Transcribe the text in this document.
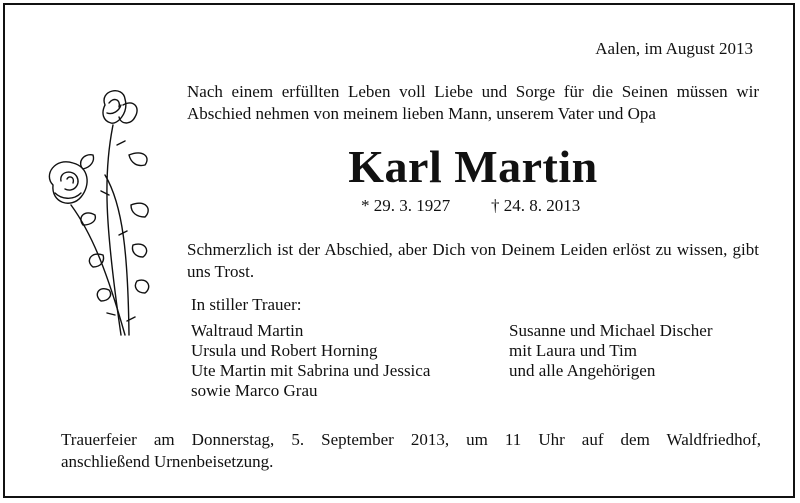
Aalen, im August 2013
Nach einem erfüllten Leben voll Liebe und Sorge für die Seinen müssen wir Abschied nehmen von meinem lieben Mann, unserem Vater und Opa
Karl Martin
* 29. 3. 1927 † 24. 8. 2013
Schmerzlich ist der Abschied, aber Dich von Deinem Leiden erlöst zu wissen, gibt uns Trost.
In stiller Trauer:
Waltraud Martin
Ursula und Robert Horning
Ute Martin mit Sabrina und Jessica
sowie Marco Grau
Susanne und Michael Discher
mit Laura und Tim
und alle Angehörigen
Trauerfeier am Donnerstag, 5. September 2013, um 11 Uhr auf dem Waldfriedhof,
anschließend Urnenbeisetzung.
